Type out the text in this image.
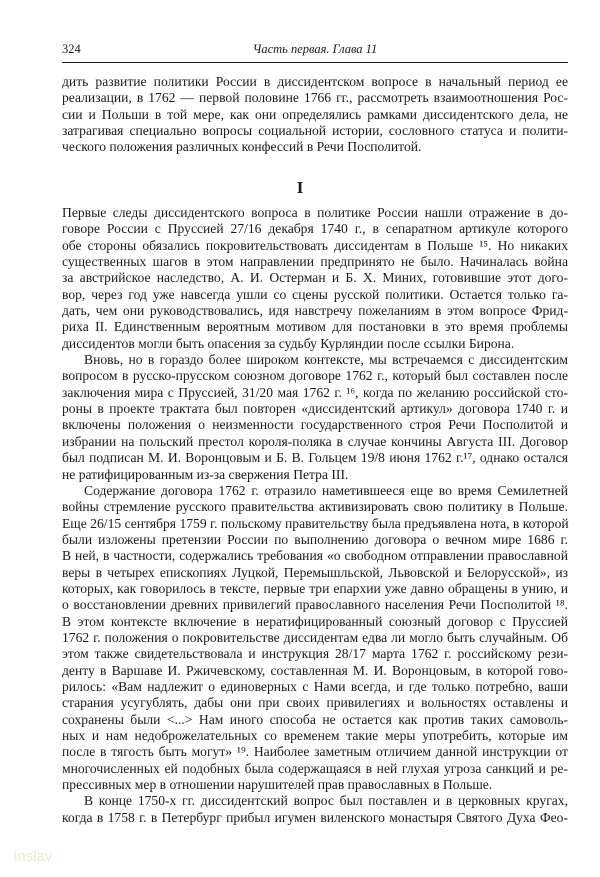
324	Часть первая. Глава 11
дить развитие политики России в диссидентском вопросе в начальный период ее
реализации, в 1762 — первой половине 1766 гг., рассмотреть взаимоотношения Рос-
сии и Польши в той мере, как они определялись рамками диссидентского дела, не
затрагивая специально вопросы социальной истории, сословного статуса и полити-
ческого положения различных конфессий в Речи Посполитой.
I
Первые следы диссидентского вопроса в политике России нашли отражение в до-
говоре России с Пруссией 27/16 декабря 1740 г., в сепаратном артикуле которого
обе стороны обязались покровительствовать диссидентам в Польше ¹⁵. Но никаких
существенных шагов в этом направлении предпринято не было. Начиналась война
за австрийское наследство, А. И. Остерман и Б. Х. Миних, готовившие этот дого-
вор, через год уже навсегда ушли со сцены русской политики. Остается только га-
дать, чем они руководствовались, идя навстречу пожеланиям в этом вопросе Фрид-
риха II. Единственным вероятным мотивом для постановки в это время проблемы
диссидентов могли быть опасения за судьбу Курляндии после ссылки Бирона.
Вновь, но в гораздо более широком контексте, мы встречаемся с диссидентским
вопросом в русско-прусском союзном договоре 1762 г., который был составлен после
заключения мира с Пруссией, 31/20 мая 1762 г. ¹⁶, когда по желанию российской сто-
роны в проекте трактата был повторен «диссидентский артикул» договора 1740 г. и
включены положения о неизменности государственного строя Речи Посполитой и
избрании на польский престол короля-поляка в случае кончины Августа III. Договор
был подписан М. И. Воронцовым и Б. В. Гольцем 19/8 июня 1762 г.¹⁷, однако остался
не ратифицированным из-за свержения Петра III.
Содержание договора 1762 г. отразило наметившееся еще во время Семилетней
войны стремление русского правительства активизировать свою политику в Польше.
Еще 26/15 сентября 1759 г. польскому правительству была предъявлена нота, в которой
были изложены претензии России по выполнению договора о вечном мире 1686 г.
В ней, в частности, содержались требования «о свободном отправлении православной
веры в четырех епископиях Луцкой, Перемышльской, Львовской и Белорусской», из
которых, как говорилось в тексте, первые три епархии уже давно обращены в унию, и
о восстановлении древних привилегий православного населения Речи Посполитой ¹⁸.
В этом контексте включение в нератифицированный союзный договор с Пруссией
1762 г. положения о покровительстве диссидентам едва ли могло быть случайным. Об
этом также свидетельствовала и инструкция 28/17 марта 1762 г. российскому рези-
денту в Варшаве И. Ржичевскому, составленная М. И. Воронцовым, в которой гово-
рилось: «Вам надлежит о единоверных с Нами всегда, и где только потребно, ваши
старания усугублять, дабы они при своих привилегиях и вольностях оставлены и
сохранены были <...> Нам иного способа не остается как против таких самоволь-
ных и нам недоброжелательных со временем такие меры употребить, которые им
после в тягость быть могут» ¹⁹. Наиболее заметным отличием данной инструкции от
многочисленных ей подобных была содержащаяся в ней глухая угроза санкций и ре-
прессивных мер в отношении нарушителей прав православных в Польше.
В конце 1750-х гг. диссидентский вопрос был поставлен и в церковных кругах,
когда в 1758 г. в Петербург прибыл игумен виленского монастыря Святого Духа Фео-
inslav
